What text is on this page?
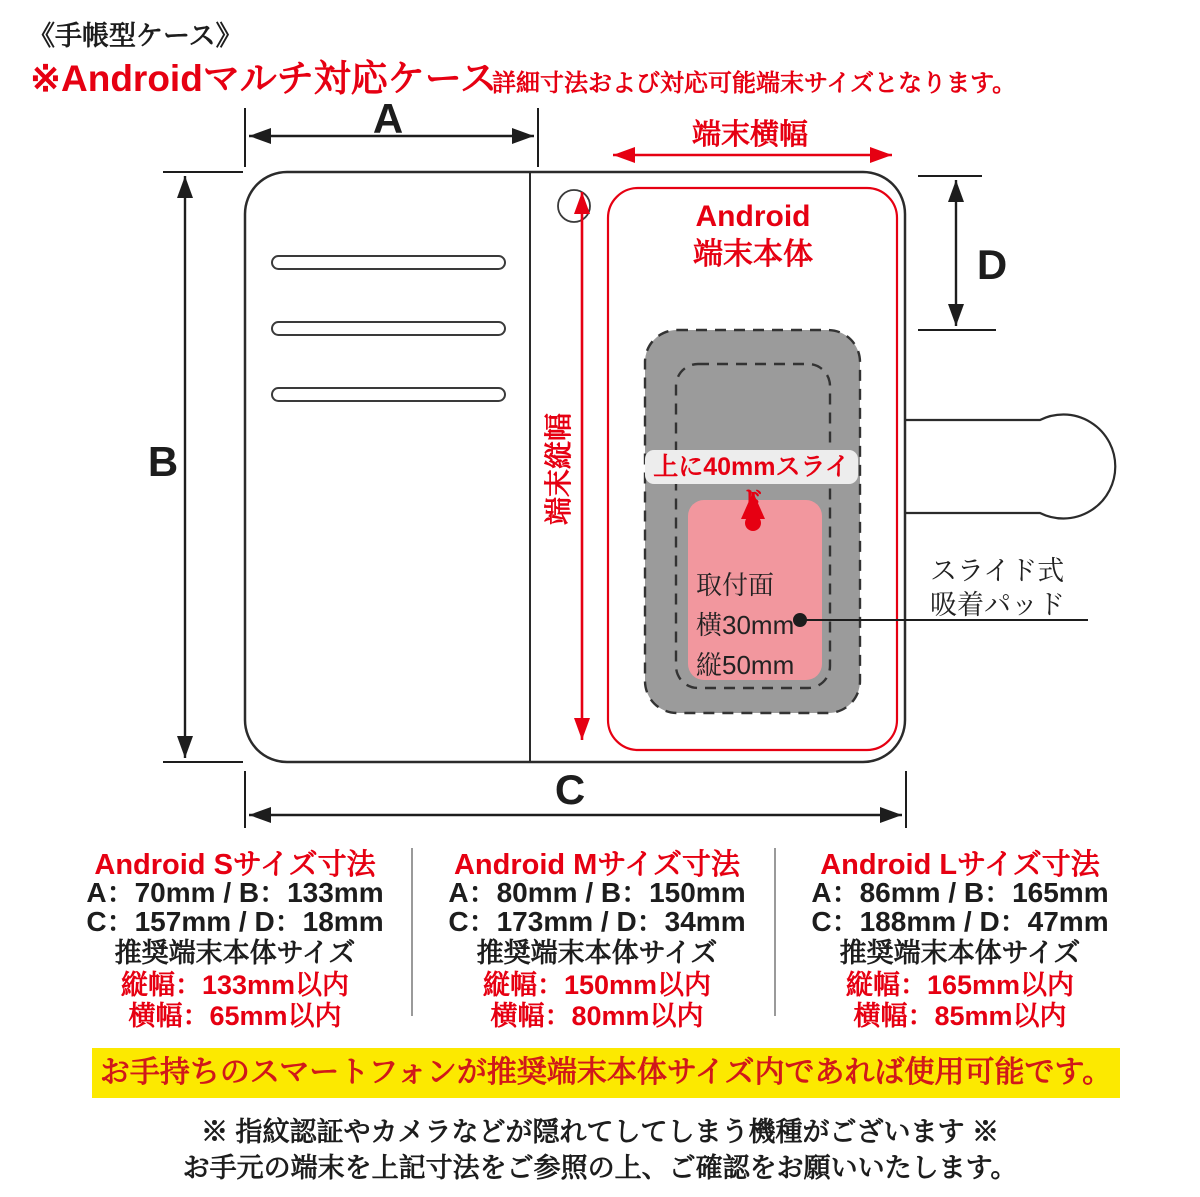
《手帳型ケース》
※Androidマルチ対応ケース
詳細寸法および対応可能端末サイズとなります。
A
B
C
D
端末横幅
端末縦幅
Android
端末本体
上に40mmスライド
取付面
横30mm
縦50mm
スライド式
吸着パッド
Android Sサイズ寸法
A：70mm / B：133mm
C：157mm / D：18mm
推奨端末本体サイズ
縦幅：133mm以内
横幅：65mm以内
Android Mサイズ寸法
A：80mm / B：150mm
C：173mm / D：34mm
推奨端末本体サイズ
縦幅：150mm以内
横幅：80mm以内
Android Lサイズ寸法
A：86mm / B：165mm
C：188mm / D：47mm
推奨端末本体サイズ
縦幅：165mm以内
横幅：85mm以内
お手持ちのスマートフォンが推奨端末本体サイズ内であれば使用可能です。
※ 指紋認証やカメラなどが隠れてしてしまう機種がございます ※
お手元の端末を上記寸法をご参照の上、ご確認をお願いいたします。
